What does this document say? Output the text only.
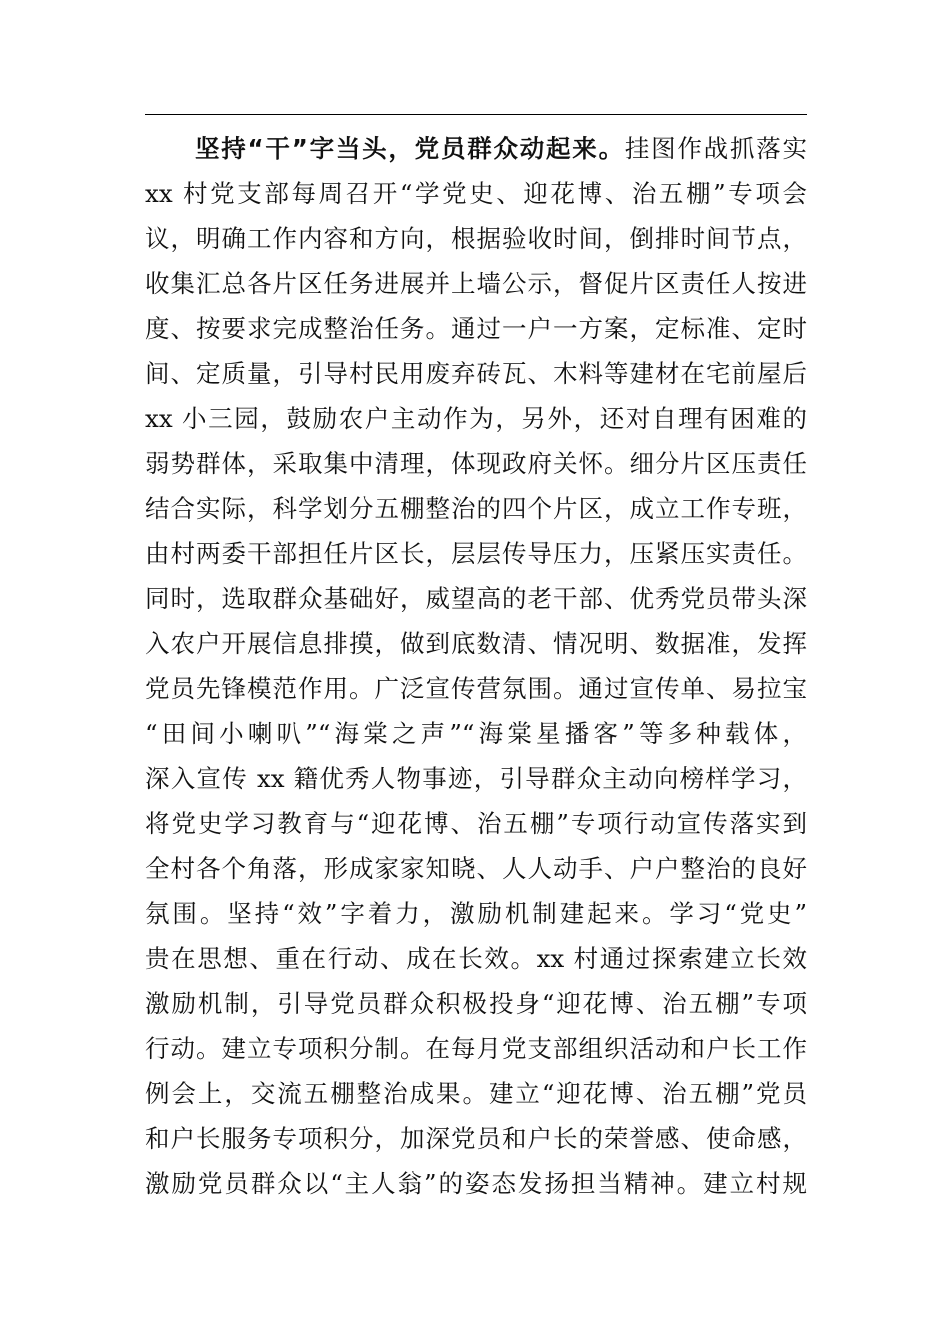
坚持“干”字当头，党员群众动起来。挂图作战抓落实
xx 村党支部每周召开“学党史、迎花博、治五棚”专项会
议，明确工作内容和方向，根据验收时间，倒排时间节点，
收集汇总各片区任务进展并上墙公示，督促片区责任人按进
度、按要求完成整治任务。通过一户一方案，定标准、定时
间、定质量，引导村民用废弃砖瓦、木料等建材在宅前屋后
xx 小三园，鼓励农户主动作为，另外，还对自理有困难的
弱势群体，采取集中清理，体现政府关怀。细分片区压责任
结合实际，科学划分五棚整治的四个片区，成立工作专班，
由村两委干部担任片区长，层层传导压力，压紧压实责任。
同时，选取群众基础好，威望高的老干部、优秀党员带头深
入农户开展信息排摸，做到底数清、情况明、数据准，发挥
党员先锋模范作用。广泛宣传营氛围。通过宣传单、易拉宝
“田间小喇叭”“海棠之声”“海棠星播客”等多种载体，
深入宣传 xx 籍优秀人物事迹，引导群众主动向榜样学习，
将党史学习教育与“迎花博、治五棚”专项行动宣传落实到
全村各个角落，形成家家知晓、人人动手、户户整治的良好
氛围。坚持“效”字着力，激励机制建起来。学习“党史”
贵在思想、重在行动、成在长效。xx 村通过探索建立长效
激励机制，引导党员群众积极投身“迎花博、治五棚”专项
行动。建立专项积分制。在每月党支部组织活动和户长工作
例会上，交流五棚整治成果。建立“迎花博、治五棚”党员
和户长服务专项积分，加深党员和户长的荣誉感、使命感，
激励党员群众以“主人翁”的姿态发扬担当精神。建立村规
